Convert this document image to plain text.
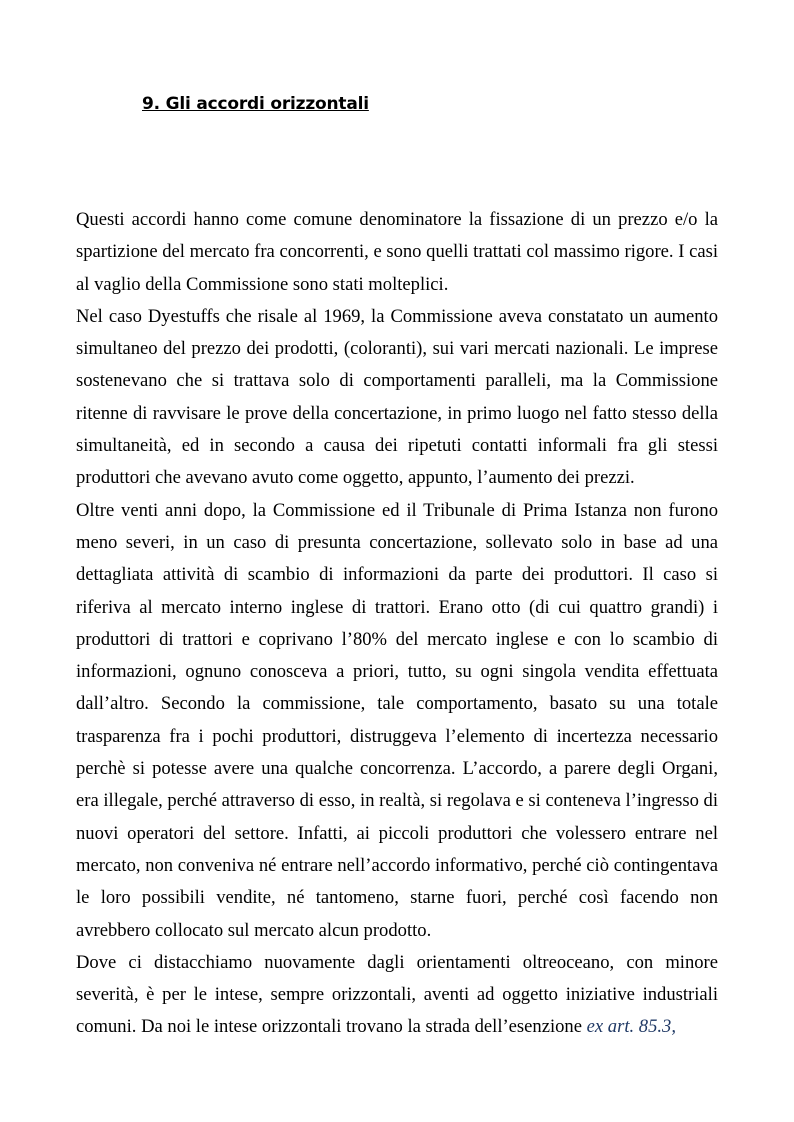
9. Gli accordi orizzontali

Questi accordi hanno come comune denominatore la fissazione di un prezzo e/o la spartizione del mercato fra concorrenti, e sono quelli trattati col massimo rigore. I casi al vaglio della Commissione sono stati molteplici.

Nel caso Dyestuffs che risale al 1969, la Commissione aveva constatato un aumento simultaneo del prezzo dei prodotti, (coloranti), sui vari mercati nazionali. Le imprese sostenevano che si trattava solo di comportamenti paralleli, ma la Commissione ritenne di ravvisare le prove della concertazione, in primo luogo nel fatto stesso della simultaneità, ed in secondo a causa dei ripetuti contatti informali fra gli stessi produttori che avevano avuto come oggetto, appunto, l’aumento dei prezzi.

Oltre venti anni dopo, la Commissione ed il Tribunale di Prima Istanza non furono meno severi, in un caso di presunta concertazione, sollevato solo in base ad una dettagliata attività di scambio di informazioni da parte dei produttori. Il caso si riferiva al mercato interno inglese di trattori. Erano otto (di cui quattro grandi) i produttori di trattori e coprivano l’80% del mercato inglese e con lo scambio di informazioni, ognuno conosceva a priori, tutto, su ogni singola vendita effettuata dall’altro. Secondo la commissione, tale comportamento, basato su una totale trasparenza fra i pochi produttori, distruggeva l’elemento di incertezza necessario perchè si potesse avere una qualche concorrenza. L’accordo, a parere degli Organi, era illegale, perché attraverso di esso, in realtà, si regolava e si conteneva l’ingresso di nuovi operatori del settore. Infatti, ai piccoli produttori che volessero entrare nel mercato, non conveniva né entrare nell’accordo informativo, perché ciò contingentava le loro possibili vendite, né tantomeno, starne fuori, perché così facendo non avrebbero collocato sul mercato alcun prodotto.

Dove ci distacchiamo nuovamente dagli orientamenti oltreoceano, con minore severità, è per le intese, sempre orizzontali, aventi ad oggetto iniziative industriali comuni. Da noi le intese orizzontali trovano la strada dell’esenzione ex art. 85.3,
